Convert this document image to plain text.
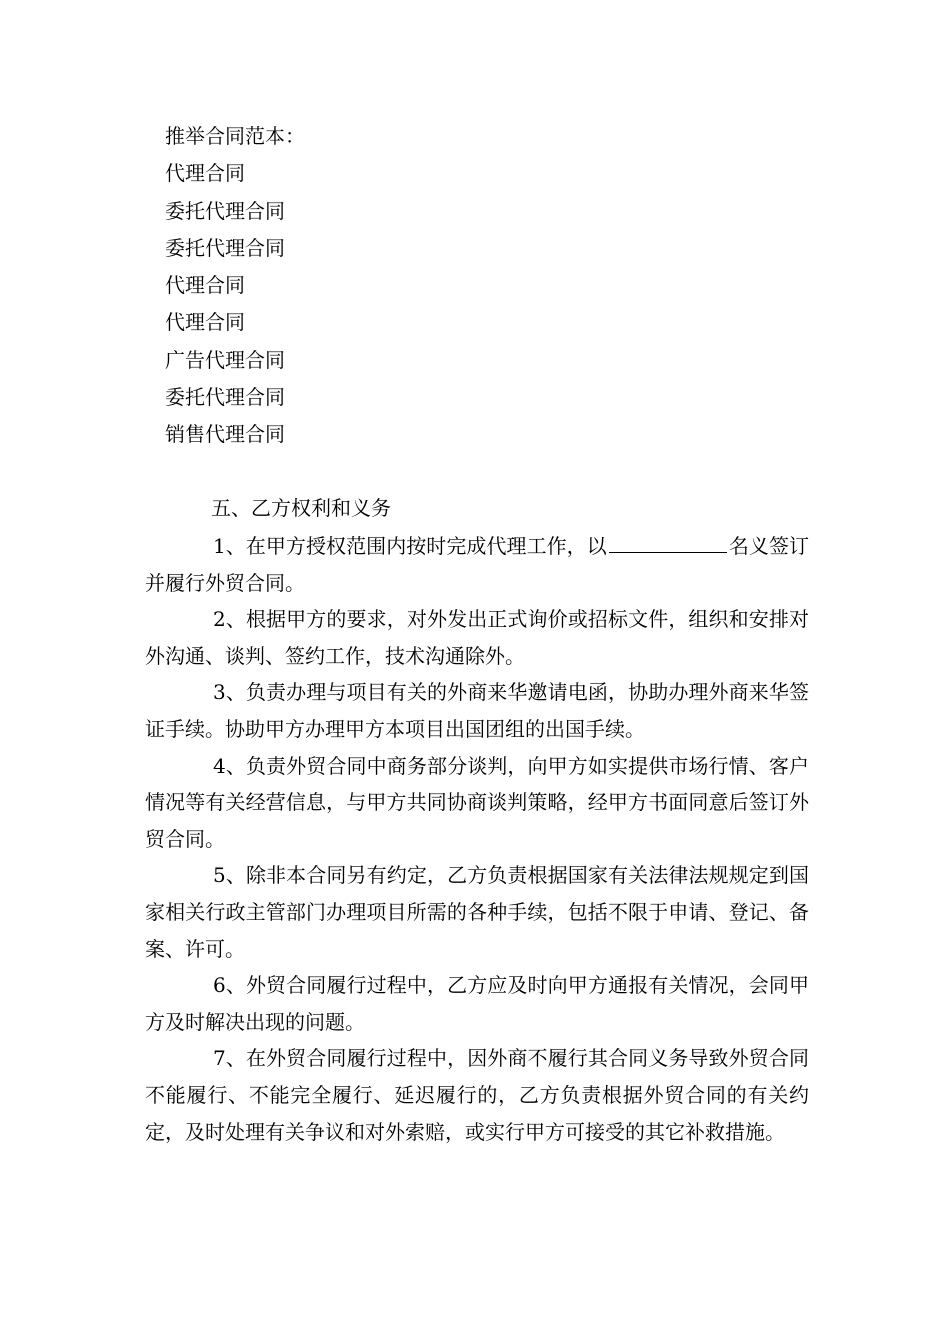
推举合同范本：
代理合同
委托代理合同
委托代理合同
代理合同
代理合同
广告代理合同
委托代理合同
销售代理合同
五、乙方权利和义务

1、在甲方授权范围内按时完成代理工作，以	名义签订并履行外贸合同。

2、根据甲方的要求，对外发出正式询价或招标文件，组织和安排对外沟通、谈判、签约工作，技术沟通除外。

3、负责办理与项目有关的外商来华邀请电函，协助办理外商来华签证手续。协助甲方办理甲方本项目出国团组的出国手续。

4、负责外贸合同中商务部分谈判，向甲方如实提供市场行情、客户情况等有关经营信息，与甲方共同协商谈判策略，经甲方书面同意后签订外贸合同。

5、除非本合同另有约定，乙方负责根据国家有关法律法规规定到国家相关行政主管部门办理项目所需的各种手续，包括不限于申请、登记、备案、许可。

6、外贸合同履行过程中，乙方应及时向甲方通报有关情况，会同甲方及时解决出现的问题。

7、在外贸合同履行过程中，因外商不履行其合同义务导致外贸合同不能履行、不能完全履行、延迟履行的，乙方负责根据外贸合同的有关约定，及时处理有关争议和对外索赔，或实行甲方可接受的其它补救措施。
